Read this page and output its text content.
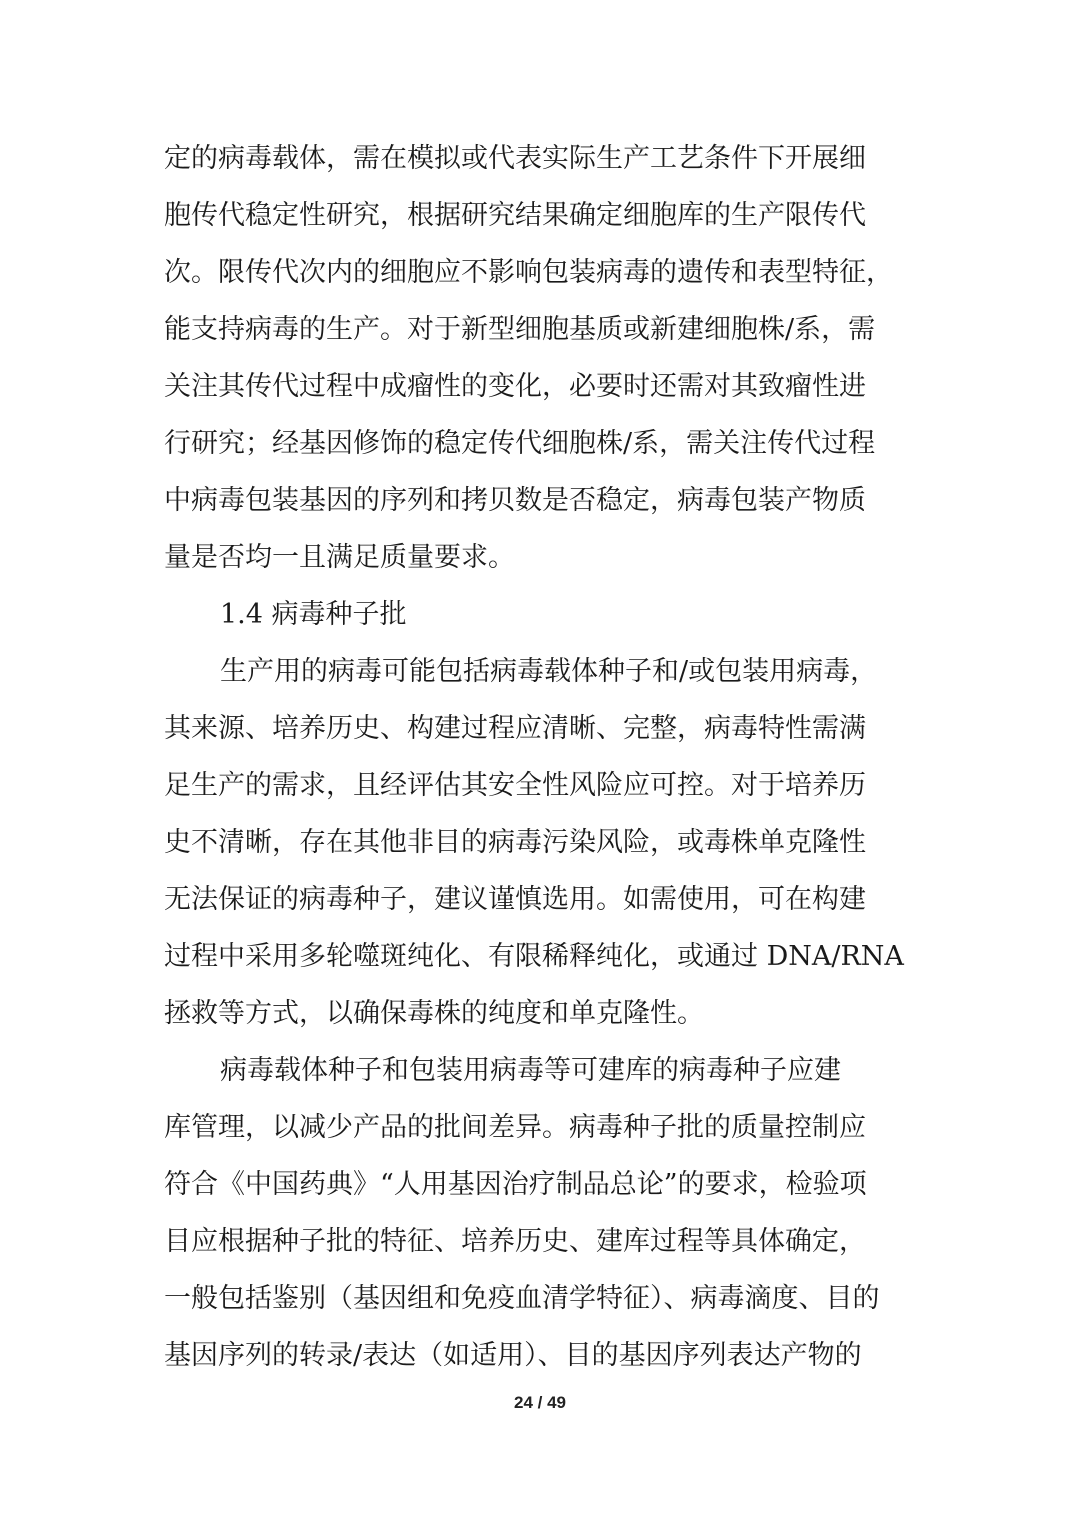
定的病毒载体，需在模拟或代表实际生产工艺条件下开展细
胞传代稳定性研究，根据研究结果确定细胞库的生产限传代
次。限传代次内的细胞应不影响包装病毒的遗传和表型特征，
能支持病毒的生产。对于新型细胞基质或新建细胞株/系，需
关注其传代过程中成瘤性的变化，必要时还需对其致瘤性进
行研究；经基因修饰的稳定传代细胞株/系，需关注传代过程
中病毒包装基因的序列和拷贝数是否稳定，病毒包装产物质
量是否均一且满足质量要求。
1.4 病毒种子批
生产用的病毒可能包括病毒载体种子和/或包装用病毒，
其来源、培养历史、构建过程应清晰、完整，病毒特性需满
足生产的需求，且经评估其安全性风险应可控。对于培养历
史不清晰，存在其他非目的病毒污染风险，或毒株单克隆性
无法保证的病毒种子，建议谨慎选用。如需使用，可在构建
过程中采用多轮噬斑纯化、有限稀释纯化，或通过 DNA/RNA
拯救等方式，以确保毒株的纯度和单克隆性。
病毒载体种子和包装用病毒等可建库的病毒种子应建
库管理，以减少产品的批间差异。病毒种子批的质量控制应
符合《中国药典》“人用基因治疗制品总论”的要求，检验项
目应根据种子批的特征、培养历史、建库过程等具体确定，
一般包括鉴别（基因组和免疫血清学特征）、病毒滴度、目的
基因序列的转录/表达（如适用）、目的基因序列表达产物的
24 / 49
